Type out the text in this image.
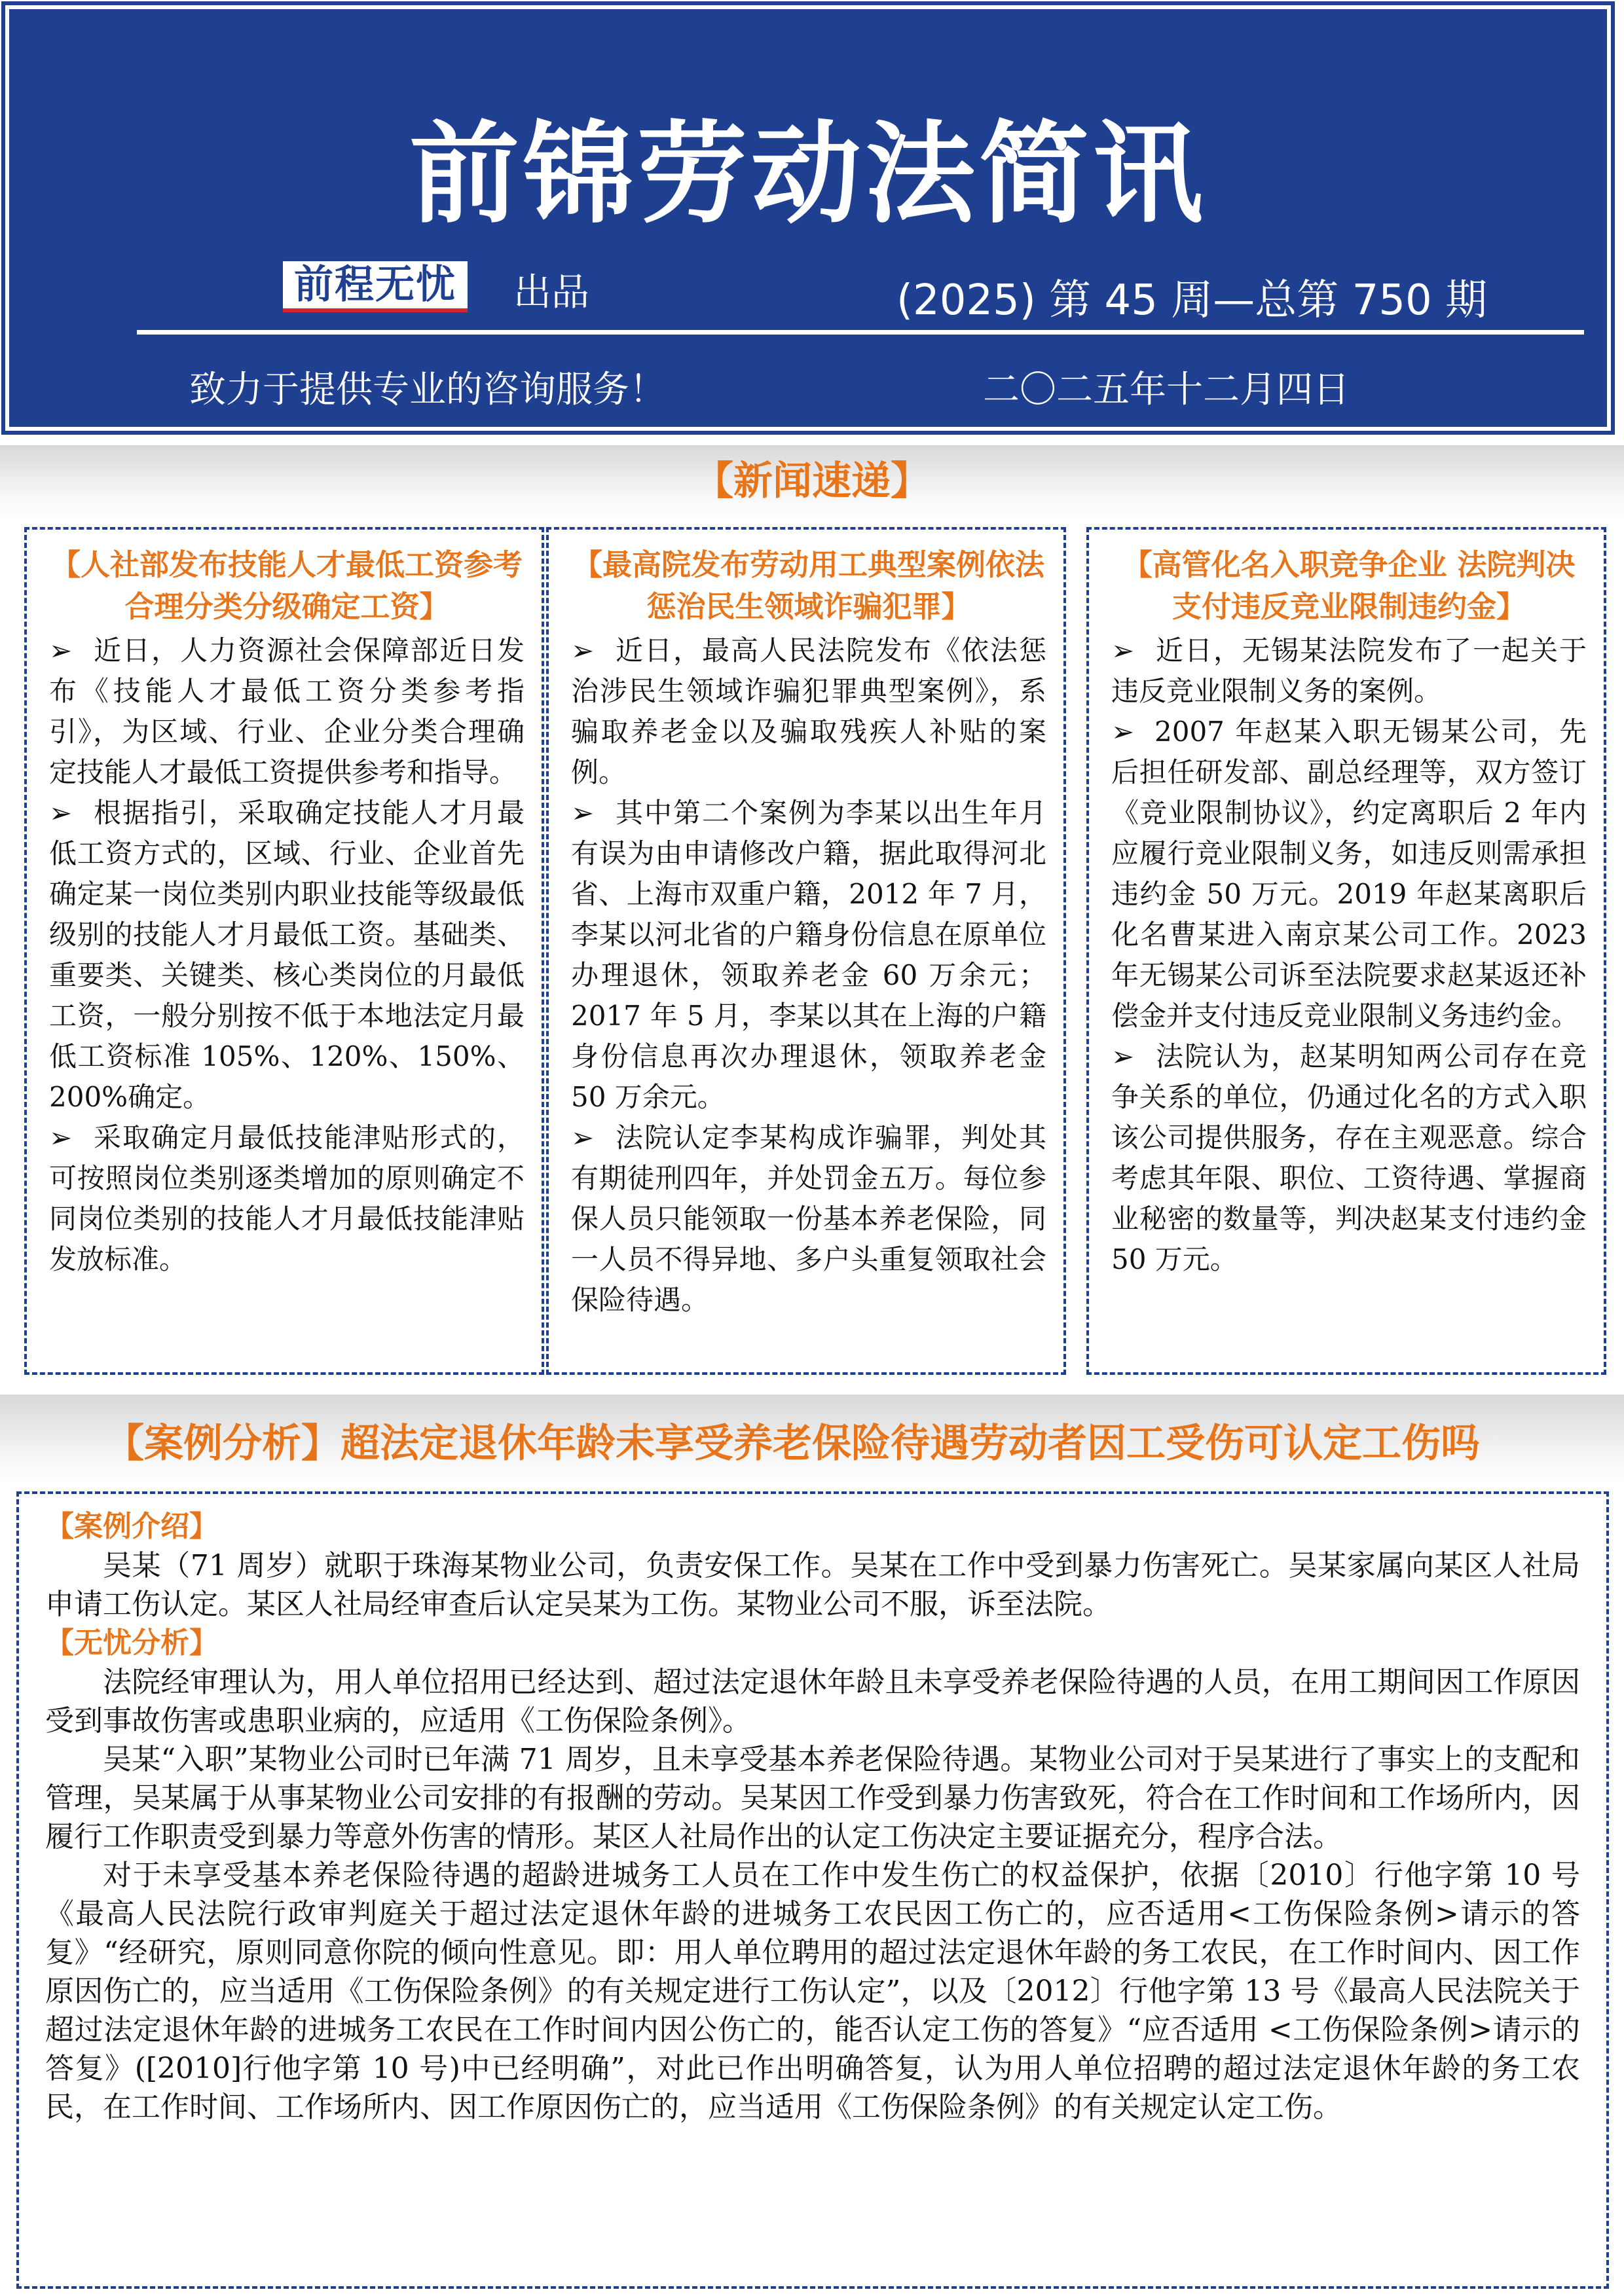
前锦劳动法简讯
前程无忧 出品	(2025) 第 45 周—总第 750 期
致力于提供专业的咨询服务！	二〇二五年十二月四日
【新闻速递】
【人社部发布技能人才最低工资参考 合理分类分级确定工资】

➢ 近日，人力资源社会保障部近日发布《技能人才最低工资分类参考指引》，为区域、行业、企业分类合理确定技能人才最低工资提供参考和指导。

➢ 根据指引，采取确定技能人才月最低工资方式的，区域、行业、企业首先确定某一岗位类别内职业技能等级最低级别的技能人才月最低工资。基础类、重要类、关键类、核心类岗位的月最低工资，一般分别按不低于本地法定月最低工资标准 105%、120%、150%、200%确定。

➢ 采取确定月最低技能津贴形式的，可按照岗位类别逐类增加的原则确定不同岗位类别的技能人才月最低技能津贴发放标准。

【最高院发布劳动用工典型案例依法惩治民生领域诈骗犯罪】

➢ 近日，最高人民法院发布《依法惩治涉民生领域诈骗犯罪典型案例》，系骗取养老金以及骗取残疾人补贴的案例。

➢ 其中第二个案例为李某以出生年月有误为由申请修改户籍，据此取得河北省、上海市双重户籍，2012 年 7 月，李某以河北省的户籍身份信息在原单位办理退休，领取养老金 60 万余元；2017 年 5 月，李某以其在上海的户籍身份信息再次办理退休，领取养老金 50 万余元。

➢ 法院认定李某构成诈骗罪，判处其有期徒刑四年，并处罚金五万。每位参保人员只能领取一份基本养老保险，同一人员不得异地、多户头重复领取社会保险待遇。

【高管化名入职竞争企业 法院判决支付违反竞业限制违约金】

➢ 近日，无锡某法院发布了一起关于违反竞业限制义务的案例。

➢ 2007 年赵某入职无锡某公司，先后担任研发部、副总经理等，双方签订《竞业限制协议》，约定离职后 2 年内应履行竞业限制义务，如违反则需承担违约金 50 万元。2019 年赵某离职后化名曹某进入南京某公司工作。2023 年无锡某公司诉至法院要求赵某返还补偿金并支付违反竞业限制义务违约金。

➢ 法院认为，赵某明知两公司存在竞争关系的单位，仍通过化名的方式入职该公司提供服务，存在主观恶意。综合考虑其年限、职位、工资待遇、掌握商业秘密的数量等，判决赵某支付违约金 50 万元。

【案例分析】超法定退休年龄未享受养老保险待遇劳动者因工受伤可认定工伤吗
【案例介绍】

吴某（71 周岁）就职于珠海某物业公司，负责安保工作。吴某在工作中受到暴力伤害死亡。吴某家属向某区人社局申请工伤认定。某区人社局经审查后认定吴某为工伤。某物业公司不服，诉至法院。

【无忧分析】

法院经审理认为，用人单位招用已经达到、超过法定退休年龄且未享受养老保险待遇的人员，在用工期间因工作原因受到事故伤害或患职业病的，应适用《工伤保险条例》。

吴某“入职”某物业公司时已年满 71 周岁，且未享受基本养老保险待遇。某物业公司对于吴某进行了事实上的支配和管理，吴某属于从事某物业公司安排的有报酬的劳动。吴某因工作受到暴力伤害致死，符合在工作时间和工作场所内，因履行工作职责受到暴力等意外伤害的情形。某区人社局作出的认定工伤决定主要证据充分，程序合法。

对于未享受基本养老保险待遇的超龄进城务工人员在工作中发生伤亡的权益保护，依据〔2010〕行他字第 10 号《最高人民法院行政审判庭关于超过法定退休年龄的进城务工农民因工伤亡的，应否适用<工伤保险条例>请示的答复》“经研究，原则同意你院的倾向性意见。即：用人单位聘用的超过法定退休年龄的务工农民，在工作时间内、因工作原因伤亡的，应当适用《工伤保险条例》的有关规定进行工伤认定”，以及〔2012〕行他字第 13 号《最高人民法院关于超过法定退休年龄的进城务工农民在工作时间内因公伤亡的，能否认定工伤的答复》“应否适用 <工伤保险条例>请示的答复》([2010]行他字第 10 号)中已经明确”，对此已作出明确答复，认为用人单位招聘的超过法定退休年龄的务工农民，在工作时间、工作场所内、因工作原因伤亡的，应当适用《工伤保险条例》的有关规定认定工伤。
